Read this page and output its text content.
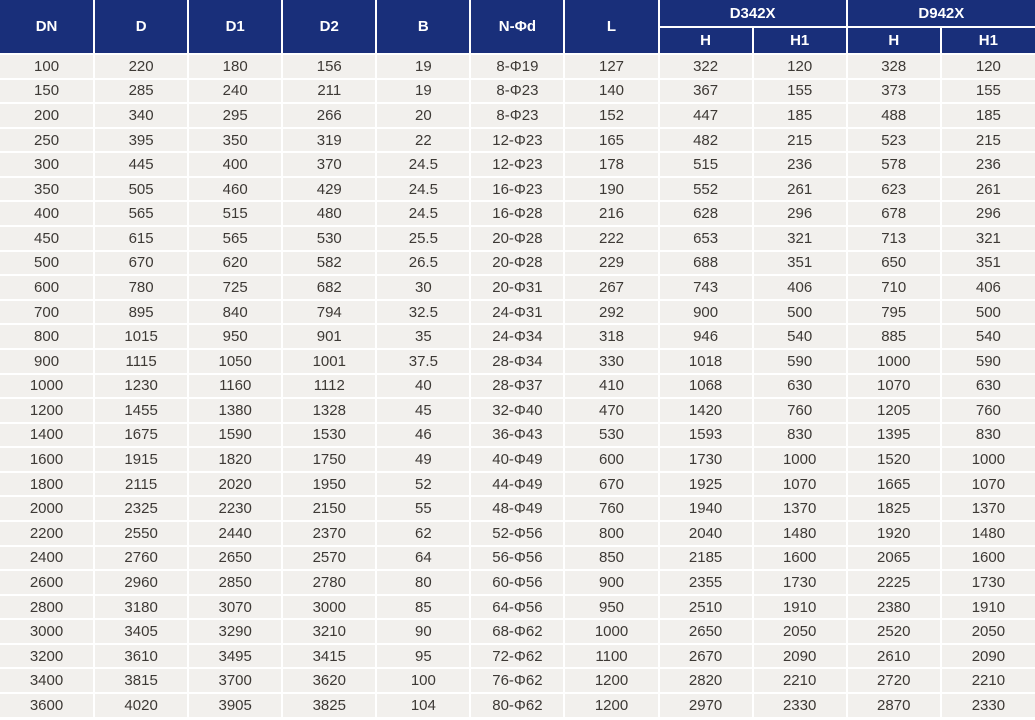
DN	D	D1	D2	B	N-Φd	L	D342X		D942X	
							H	H1	H	H1
100	220	180	156	19	8-Φ19	127	322	120	328	120
150	285	240	211	19	8-Φ23	140	367	155	373	155
200	340	295	266	20	8-Φ23	152	447	185	488	185
250	395	350	319	22	12-Φ23	165	482	215	523	215
300	445	400	370	24.5	12-Φ23	178	515	236	578	236
350	505	460	429	24.5	16-Φ23	190	552	261	623	261
400	565	515	480	24.5	16-Φ28	216	628	296	678	296
450	615	565	530	25.5	20-Φ28	222	653	321	713	321
500	670	620	582	26.5	20-Φ28	229	688	351	650	351
600	780	725	682	30	20-Φ31	267	743	406	710	406
700	895	840	794	32.5	24-Φ31	292	900	500	795	500
800	1015	950	901	35	24-Φ34	318	946	540	885	540
900	1115	1050	1001	37.5	28-Φ34	330	1018	590	1000	590
1000	1230	1160	1112	40	28-Φ37	410	1068	630	1070	630
1200	1455	1380	1328	45	32-Φ40	470	1420	760	1205	760
1400	1675	1590	1530	46	36-Φ43	530	1593	830	1395	830
1600	1915	1820	1750	49	40-Φ49	600	1730	1000	1520	1000
1800	2115	2020	1950	52	44-Φ49	670	1925	1070	1665	1070
2000	2325	2230	2150	55	48-Φ49	760	1940	1370	1825	1370
2200	2550	2440	2370	62	52-Φ56	800	2040	1480	1920	1480
2400	2760	2650	2570	64	56-Φ56	850	2185	1600	2065	1600
2600	2960	2850	2780	80	60-Φ56	900	2355	1730	2225	1730
2800	3180	3070	3000	85	64-Φ56	950	2510	1910	2380	1910
3000	3405	3290	3210	90	68-Φ62	1000	2650	2050	2520	2050
3200	3610	3495	3415	95	72-Φ62	1100	2670	2090	2610	2090
3400	3815	3700	3620	100	76-Φ62	1200	2820	2210	2720	2210
3600	4020	3905	3825	104	80-Φ62	1200	2970	2330	2870	2330
